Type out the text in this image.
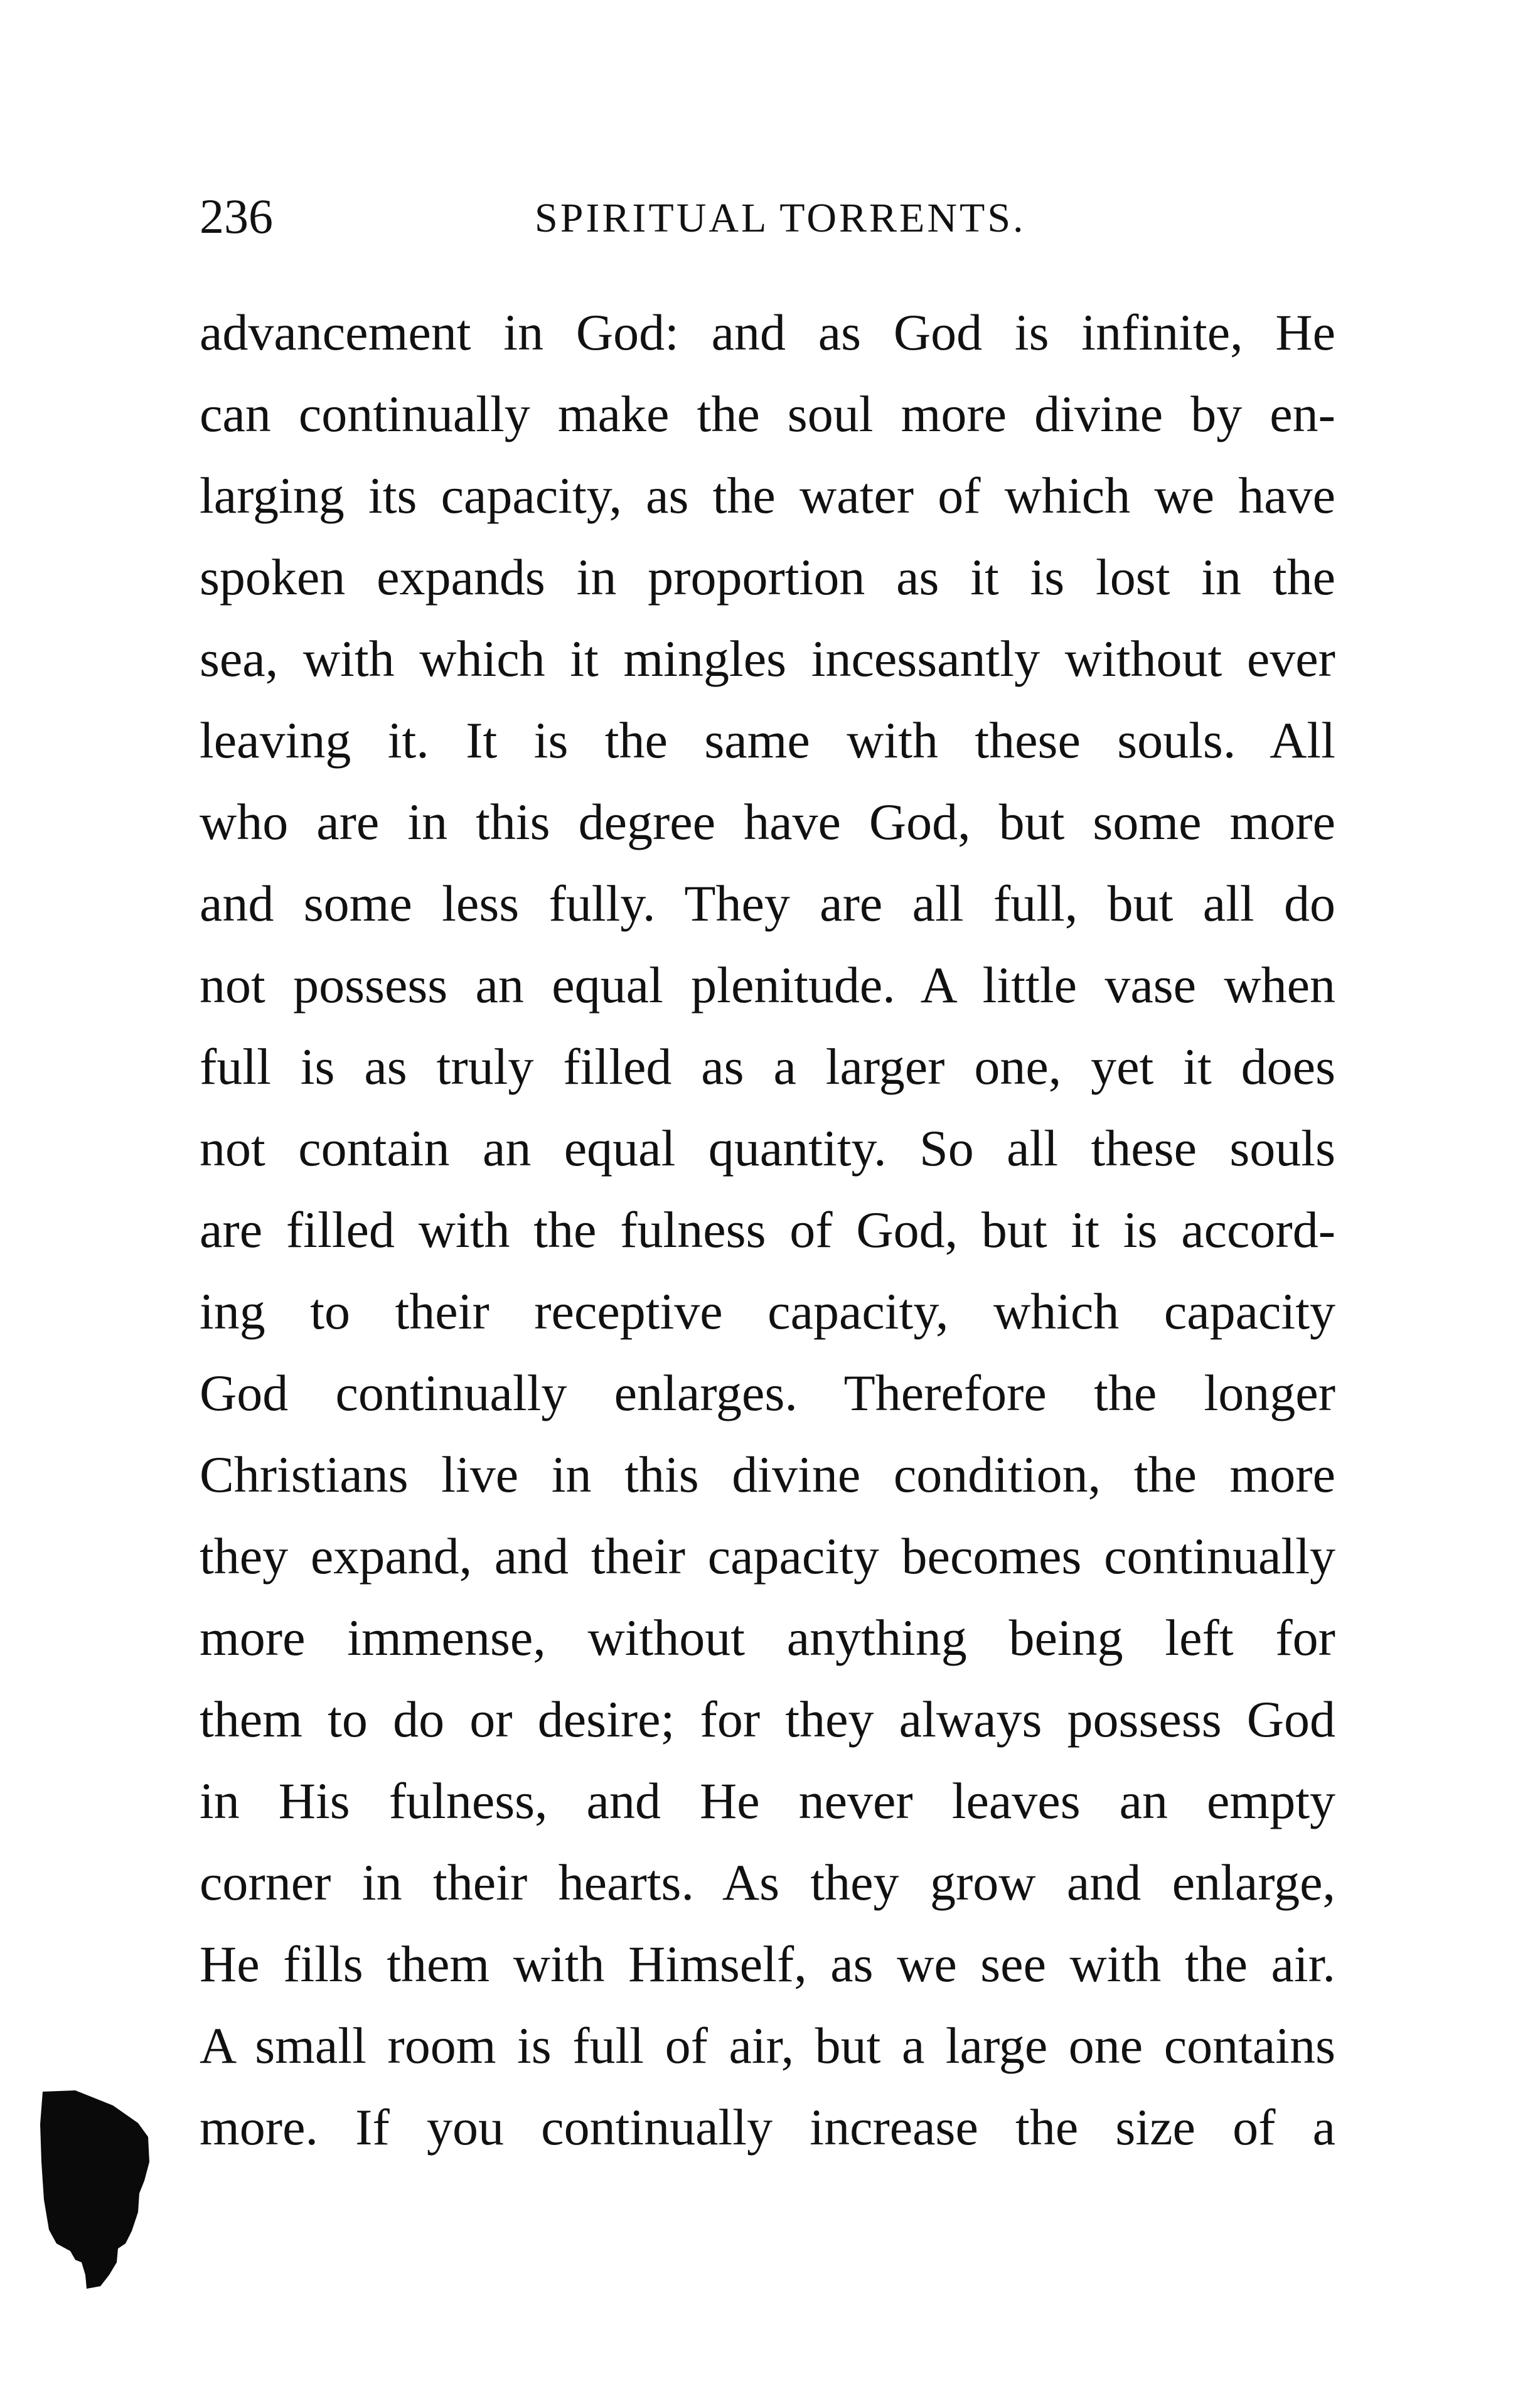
236	SPIRITUAL TORRENTS.
advancement in God: and as God is infinite, He
can continually make the soul more divine by en-
larging its capacity, as the water of which we have
spoken expands in proportion as it is lost in the
sea, with which it mingles incessantly without ever
leaving it. It is the same with these souls. All
who are in this degree have God, but some more
and some less fully. They are all full, but all do
not possess an equal plenitude. A little vase when
full is as truly filled as a larger one, yet it does
not contain an equal quantity. So all these souls
are filled with the fulness of God, but it is accord-
ing to their receptive capacity, which capacity
God continually enlarges. Therefore the longer
Christians live in this divine condition, the more
they expand, and their capacity becomes continually
more immense, without anything being left for
them to do or desire; for they always possess God
in His fulness, and He never leaves an empty
corner in their hearts. As they grow and enlarge,
He fills them with Himself, as we see with the air.
A small room is full of air, but a large one contains
more. If you continually increase the size of a
